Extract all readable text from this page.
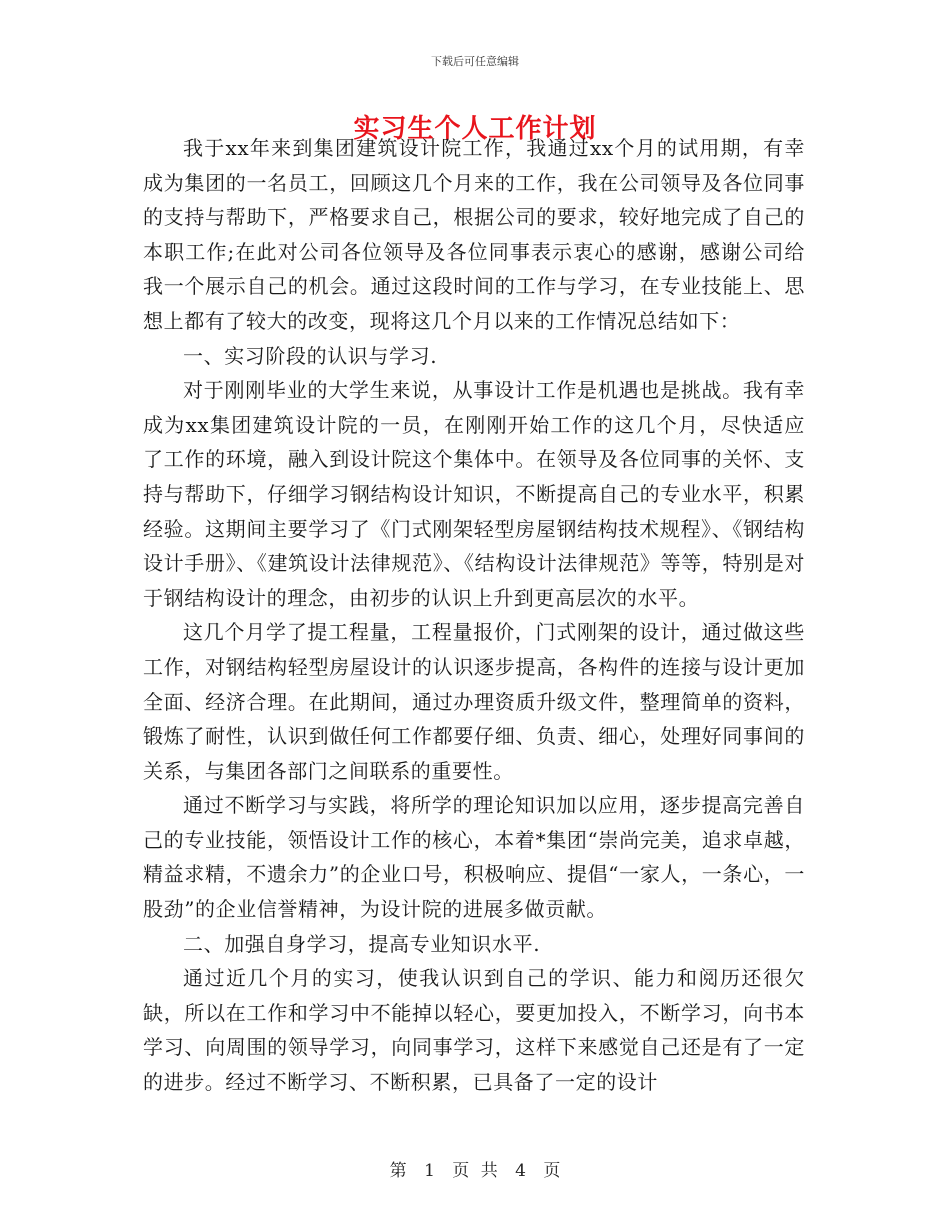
下载后可任意编辑
实习生个人工作计划

我于xx年来到集团建筑设计院工作，我通过xx个月的试用期，有幸成为集团的一名员工，回顾这几个月来的工作，我在公司领导及各位同事的支持与帮助下，严格要求自己，根据公司的要求，较好地完成了自己的本职工作;在此对公司各位领导及各位同事表示衷心的感谢，感谢公司给我一个展示自己的机会。通过这段时间的工作与学习，在专业技能上、思想上都有了较大的改变，现将这几个月以来的工作情况总结如下：

一、实习阶段的认识与学习.

对于刚刚毕业的大学生来说，从事设计工作是机遇也是挑战。我有幸成为xx集团建筑设计院的一员，在刚刚开始工作的这几个月，尽快适应了工作的环境，融入到设计院这个集体中。在领导及各位同事的关怀、支持与帮助下，仔细学习钢结构设计知识，不断提高自己的专业水平，积累经验。这期间主要学习了《门式刚架轻型房屋钢结构技术规程》、《钢结构设计手册》、《建筑设计法律规范》、《结构设计法律规范》等等，特别是对于钢结构设计的理念，由初步的认识上升到更高层次的水平。

这几个月学了提工程量，工程量报价，门式刚架的设计，通过做这些工作，对钢结构轻型房屋设计的认识逐步提高，各构件的连接与设计更加全面、经济合理。在此期间，通过办理资质升级文件，整理简单的资料，锻炼了耐性，认识到做任何工作都要仔细、负责、细心，处理好同事间的关系，与集团各部门之间联系的重要性。

通过不断学习与实践，将所学的理论知识加以应用，逐步提高完善自己的专业技能，领悟设计工作的核心，本着*集团“崇尚完美，追求卓越，精益求精，不遗余力”的企业口号，积极响应、提倡“一家人，一条心，一股劲”的企业信誉精神，为设计院的进展多做贡献。

二、加强自身学习，提高专业知识水平.

通过近几个月的实习，使我认识到自己的学识、能力和阅历还很欠缺，所以在工作和学习中不能掉以轻心，要更加投入，不断学习，向书本学习、向周围的领导学习，向同事学习，这样下来感觉自己还是有了一定的进步。经过不断学习、不断积累，已具备了一定的设计

第 1 页 共 4 页
